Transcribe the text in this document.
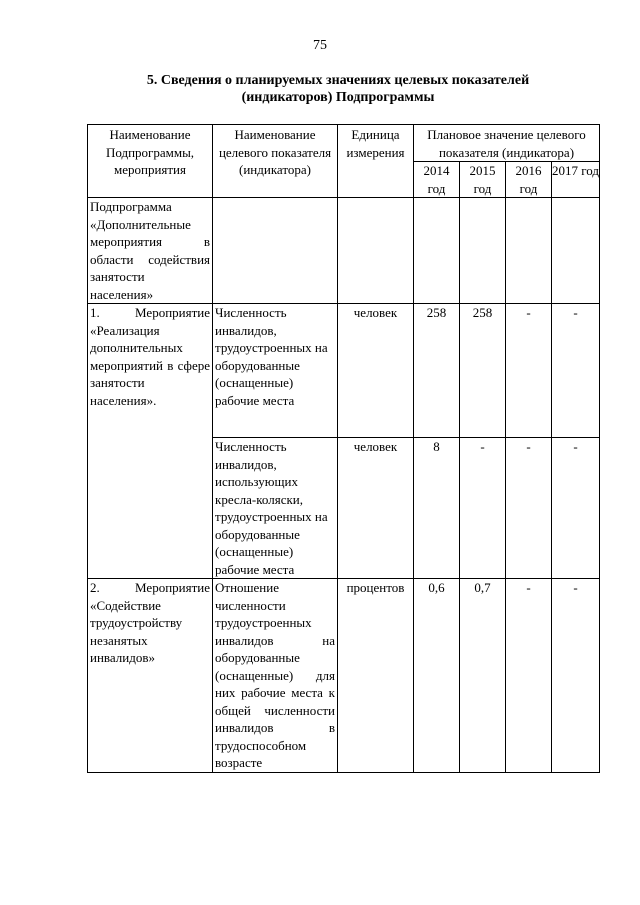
75
5. Сведения о планируемых значениях целевых показателей
(индикаторов) Подпрограммы
Наименование Подпрограммы, мероприятия	Наименование целевого показателя (индикатора)	Единица измерения	Плановое значение целевого показателя (индикатора)			
			2014 год	2015 год	2016 год	2017 год
Подпрограмма «Дополнительные мероприятия в области содействия занятости населения»						
1. Мероприятие «Реализация дополнительных мероприятий в сфере занятости населения».	Численность инвалидов, трудоустроенных на оборудованные (оснащенные) рабочие места	человек	258	258	-	-
	Численность инвалидов, использующих кресла-коляски, трудоустроенных на оборудованные (оснащенные) рабочие места	человек	8	-	-	-
2. Мероприятие «Содействие трудоустройству незанятых инвалидов»	Отношение численности трудоустроенных инвалидов на оборудованные (оснащенные) для них рабочие места к общей численности инвалидов в трудоспособном возрасте	процентов	0,6	0,7	-	-
